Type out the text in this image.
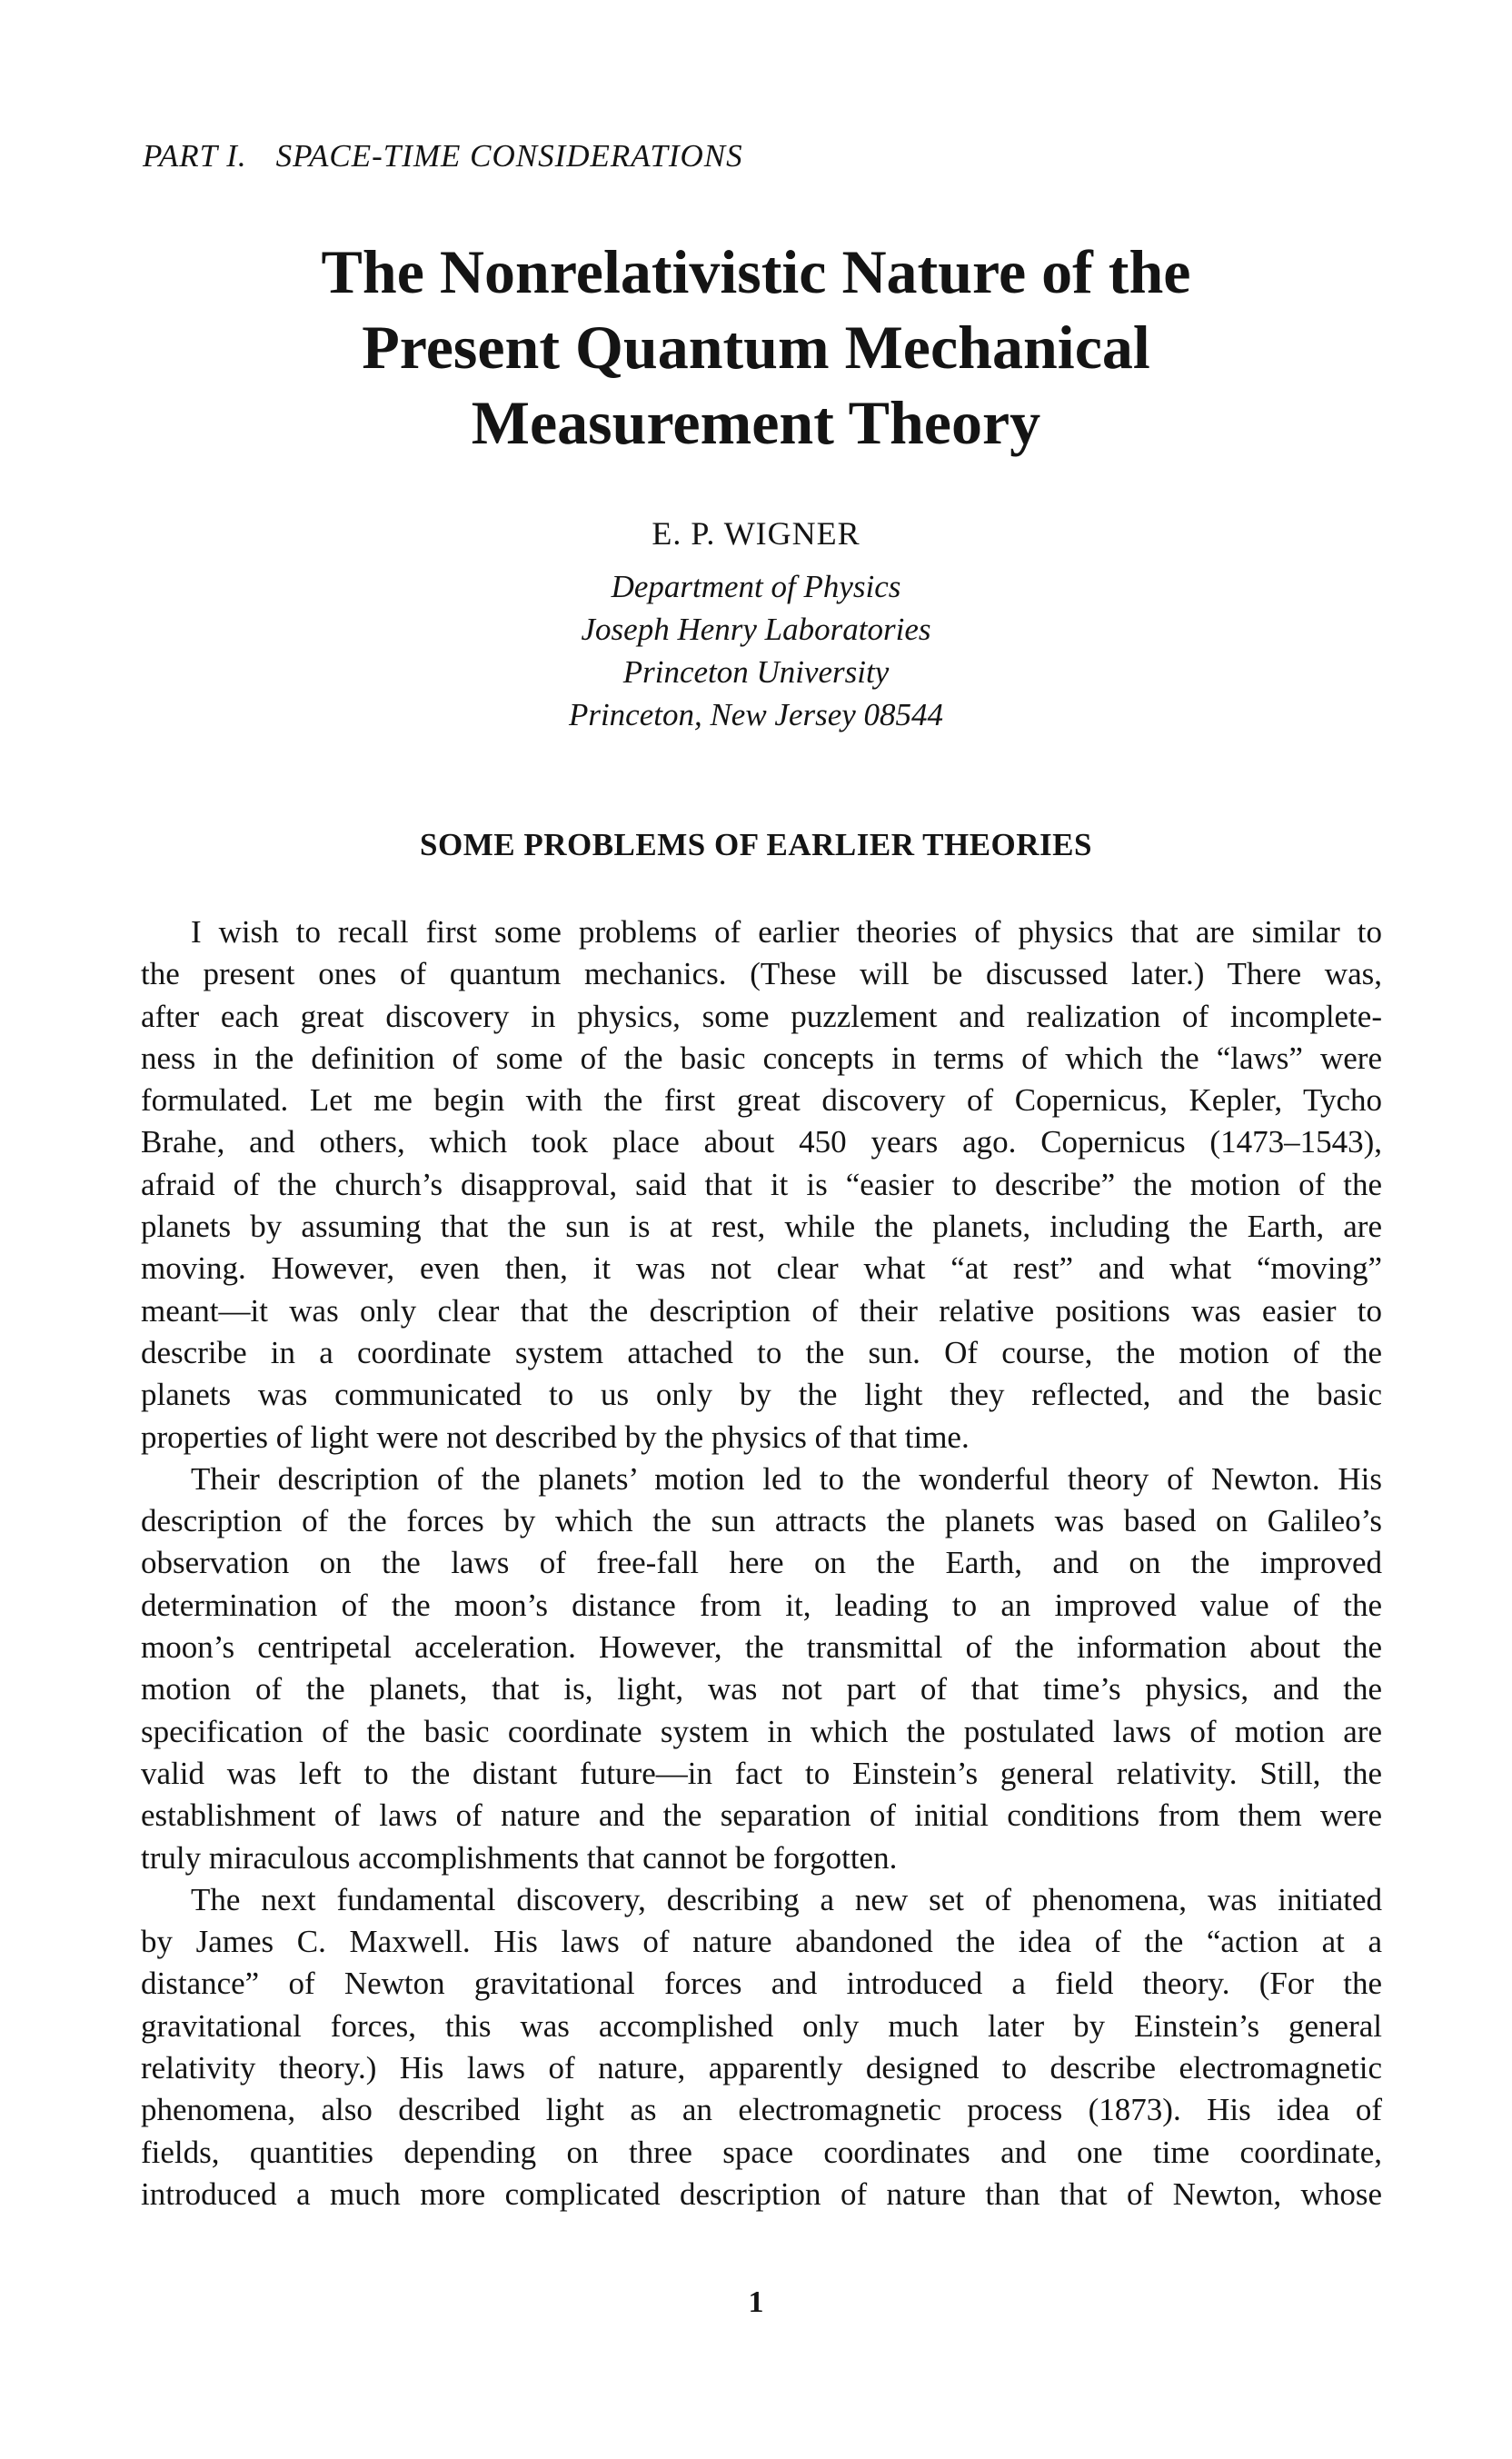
PART I. SPACE-TIME CONSIDERATIONS
The Nonrelativistic Nature of the
Present Quantum Mechanical
Measurement Theory
E. P. WIGNER
Department of Physics
Joseph Henry Laboratories
Princeton University
Princeton, New Jersey 08544
SOME PROBLEMS OF EARLIER THEORIES

I wish to recall first some problems of earlier theories of physics that are similar to
the present ones of quantum mechanics. (These will be discussed later.) There was,
after each great discovery in physics, some puzzlement and realization of incomplete-
ness in the definition of some of the basic concepts in terms of which the “laws” were
formulated. Let me begin with the first great discovery of Copernicus, Kepler, Tycho
Brahe, and others, which took place about 450 years ago. Copernicus (1473–1543),
afraid of the church’s disapproval, said that it is “easier to describe” the motion of the
planets by assuming that the sun is at rest, while the planets, including the Earth, are
moving. However, even then, it was not clear what “at rest” and what “moving”
meant—it was only clear that the description of their relative positions was easier to
describe in a coordinate system attached to the sun. Of course, the motion of the
planets was communicated to us only by the light they reflected, and the basic
properties of light were not described by the physics of that time.

Their description of the planets’ motion led to the wonderful theory of Newton. His
description of the forces by which the sun attracts the planets was based on Galileo’s
observation on the laws of free-fall here on the Earth, and on the improved
determination of the moon’s distance from it, leading to an improved value of the
moon’s centripetal acceleration. However, the transmittal of the information about the
motion of the planets, that is, light, was not part of that time’s physics, and the
specification of the basic coordinate system in which the postulated laws of motion are
valid was left to the distant future—in fact to Einstein’s general relativity. Still, the
establishment of laws of nature and the separation of initial conditions from them were
truly miraculous accomplishments that cannot be forgotten.

The next fundamental discovery, describing a new set of phenomena, was initiated
by James C. Maxwell. His laws of nature abandoned the idea of the “action at a
distance” of Newton gravitational forces and introduced a field theory. (For the
gravitational forces, this was accomplished only much later by Einstein’s general
relativity theory.) His laws of nature, apparently designed to describe electromagnetic
phenomena, also described light as an electromagnetic process (1873). His idea of
fields, quantities depending on three space coordinates and one time coordinate,
introduced a much more complicated description of nature than that of Newton, whose

1
